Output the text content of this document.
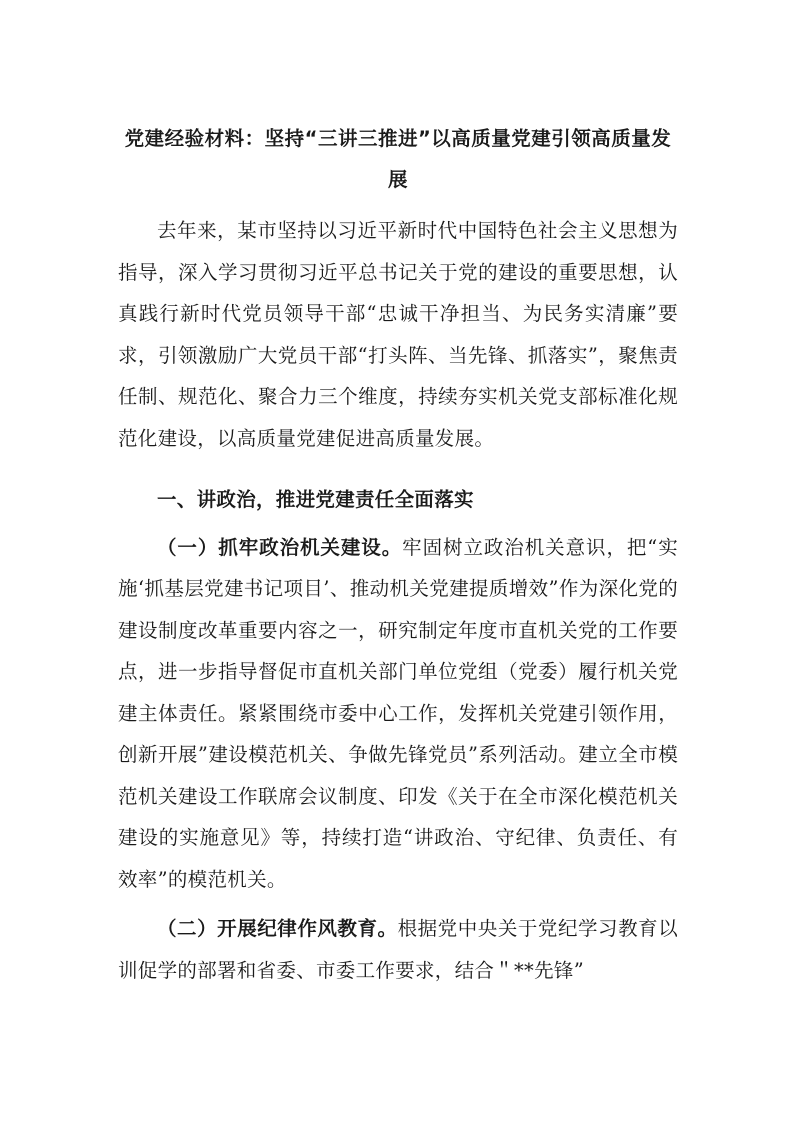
党建经验材料：坚持“三讲三推进”以高质量党建引领高质量发展

去年来，某市坚持以习近平新时代中国特色社会主义思想为指导，深入学习贯彻习近平总书记关于党的建设的重要思想，认真践行新时代党员领导干部“忠诚干净担当、为民务实清廉”要求，引领激励广大党员干部“打头阵、当先锋、抓落实”，聚焦责任制、规范化、聚合力三个维度，持续夯实机关党支部标准化规范化建设，以高质量党建促进高质量发展。

一、讲政治，推进党建责任全面落实

（一）抓牢政治机关建设。牢固树立政治机关意识，把“实施‘抓基层党建书记项目’、推动机关党建提质增效”作为深化党的建设制度改革重要内容之一，研究制定年度市直机关党的工作要点，进一步指导督促市直机关部门单位党组（党委）履行机关党建主体责任。紧紧围绕市委中心工作，发挥机关党建引领作用，创新开展”建设模范机关、争做先锋党员”系列活动。建立全市模范机关建设工作联席会议制度、印发《关于在全市深化模范机关建设的实施意见》等，持续打造“讲政治、守纪律、负责任、有效率”的模范机关。

（二）开展纪律作风教育。根据党中央关于党纪学习教育以训促学的部署和省委、市委工作要求，结合＂**先锋”
